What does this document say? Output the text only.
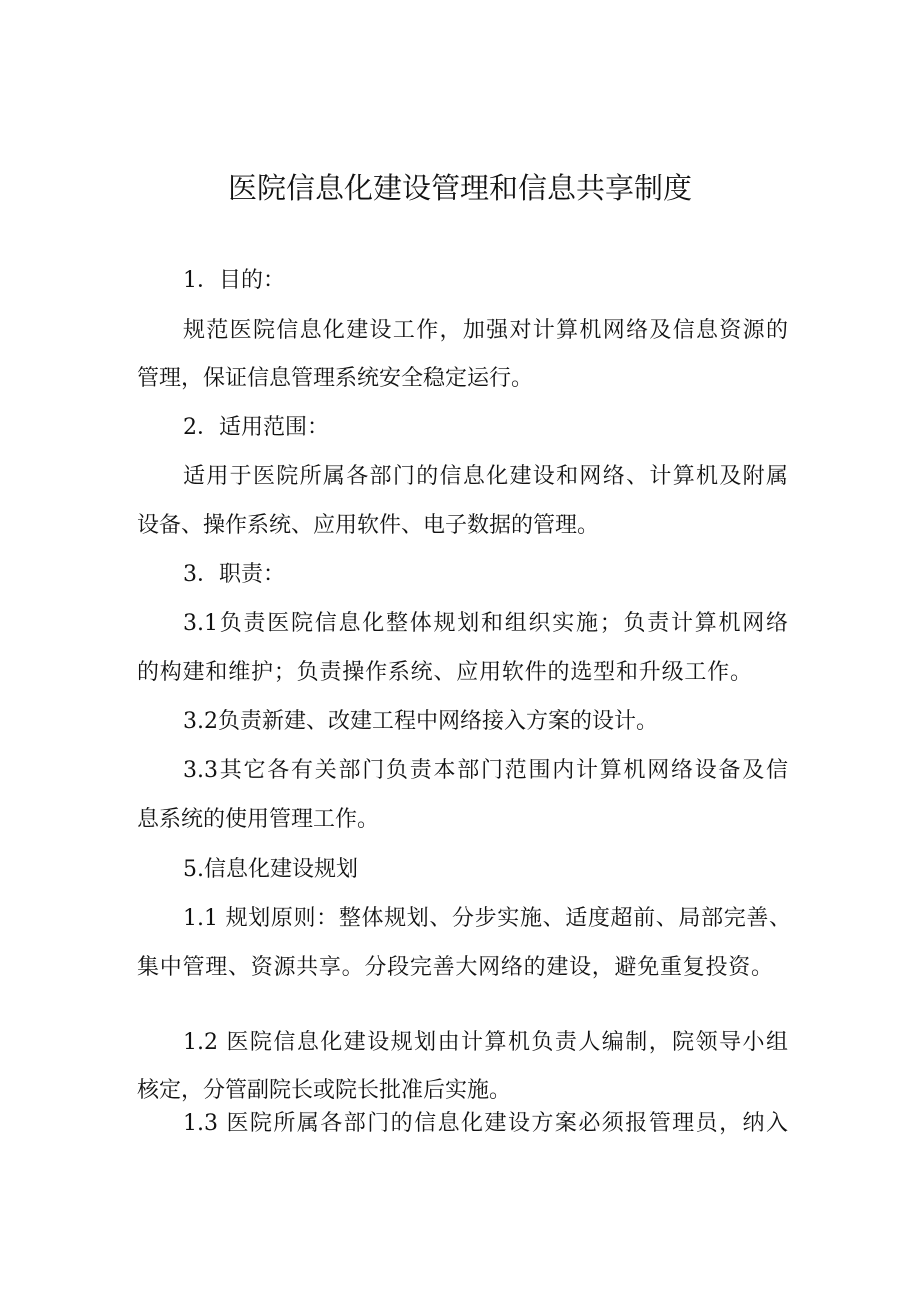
医院信息化建设管理和信息共享制度

1．目的：

规范医院信息化建设工作，加强对计算机网络及信息资源的

管理，保证信息管理系统安全稳定运行。

2．适用范围：

适用于医院所属各部门的信息化建设和网络、计算机及附属

设备、操作系统、应用软件、电子数据的管理。

3．职责：

3.1负责医院信息化整体规划和组织实施；负责计算机网络

的构建和维护；负责操作系统、应用软件的选型和升级工作。

3.2负责新建、改建工程中网络接入方案的设计。

3.3其它各有关部门负责本部门范围内计算机网络设备及信

息系统的使用管理工作。

5.信息化建设规划

1.1 规划原则：整体规划、分步实施、适度超前、局部完善、

集中管理、资源共享。分段完善大网络的建设，避免重复投资。

1.2 医院信息化建设规划由计算机负责人编制，院领导小组

核定，分管副院长或院长批准后实施。

1.3 医院所属各部门的信息化建设方案必须报管理员，纳入
